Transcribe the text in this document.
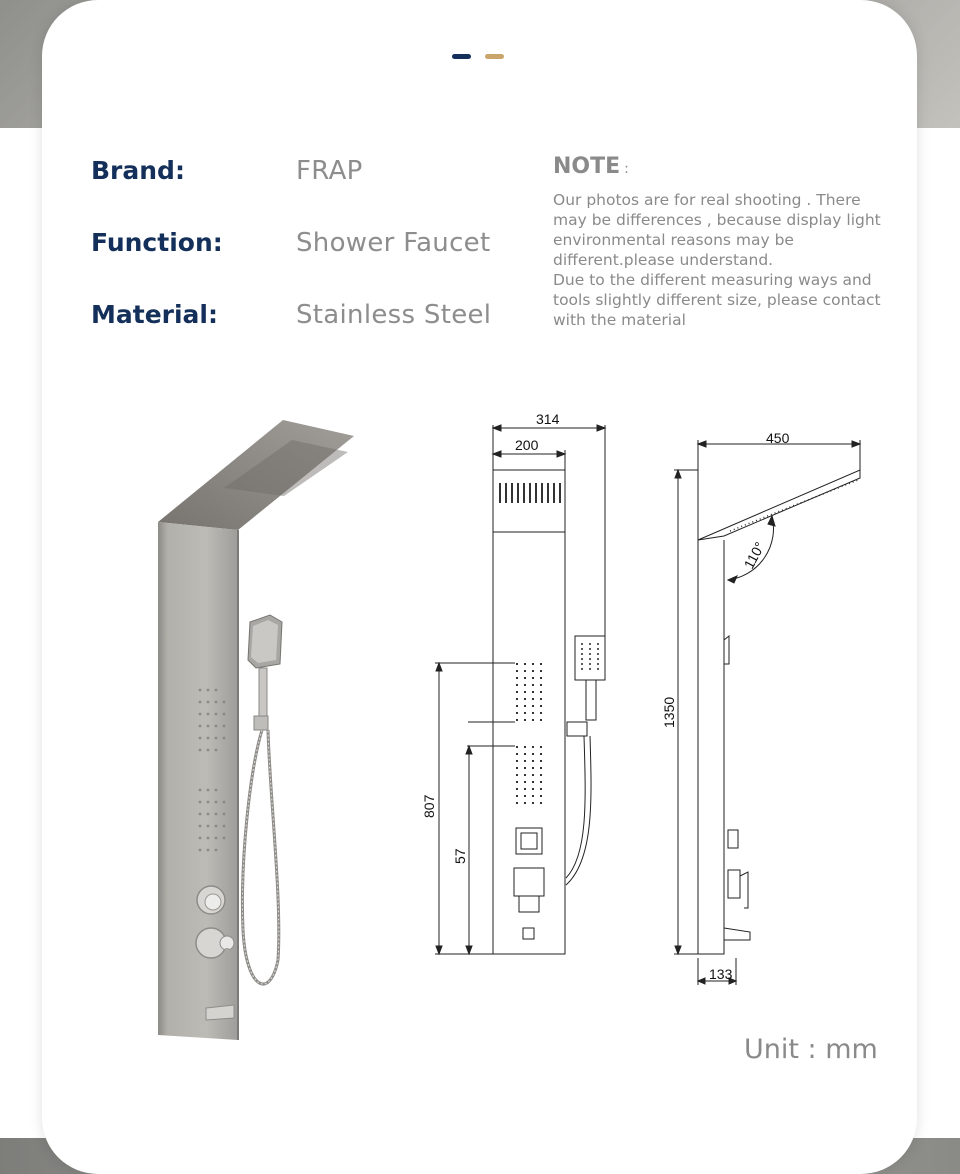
Brand:	FRAP
Function:	Shower Faucet
Material:	Stainless Steel
NOTE :

Our photos are for real shooting . There may be differences , because display light environmental reasons may be different.please understand.

Due to the different measuring ways and tools slightly different size, please contact with the material

314
200
807
57
450
110°
1350
133
Unit : mm
